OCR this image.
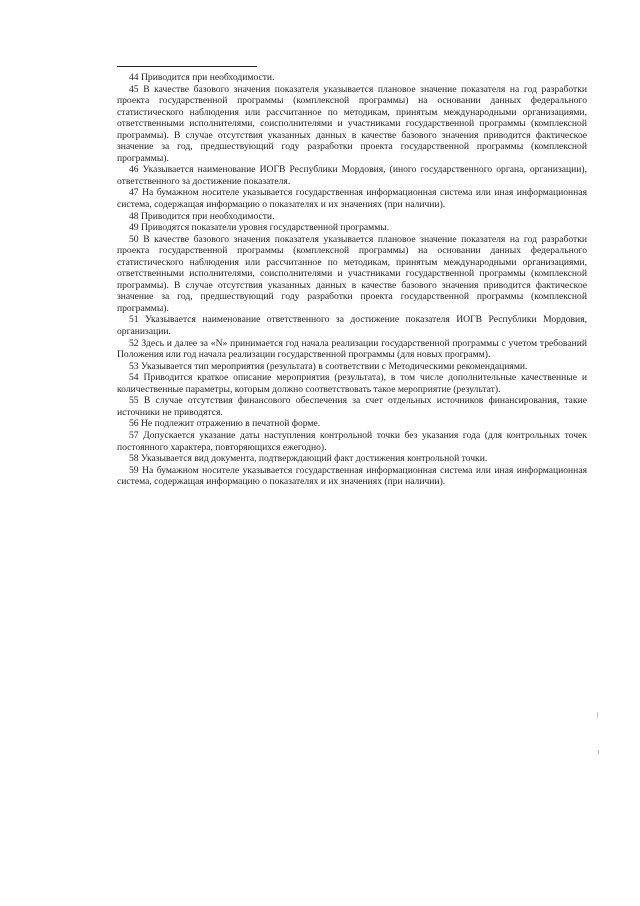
44 Приводится при необходимости.

45 В качестве базового значения показателя указывается плановое значение показателя на год разработки проекта государственной программы (комплексной программы) на основании данных федерального статистического наблюдения или рассчитанное по методикам, принятым международными организациями, ответственными исполнителями, соисполнителями и участниками государственной программы (комплексной программы). В случае отсутствия указанных данных в качестве базового значения приводится фактическое значение за год, предшествующий году разработки проекта государственной программы (комплексной программы).

46 Указывается наименование ИОГВ Республики Мордовия, (иного государственного органа, организации), ответственного за достижение показателя.

47 На бумажном носителе указывается государственная информационная система или иная информационная система, содержащая информацию о показателях и их значениях (при наличии).

48 Приводится при необходимости.

49 Приводятся показатели уровня государственной программы.

50 В качестве базового значения показателя указывается плановое значение показателя на год разработки проекта государственной программы (комплексной программы) на основании данных федерального статистического наблюдения или рассчитанное по методикам, принятым международными организациями, ответственными исполнителями, соисполнителями и участниками государственной программы (комплексной программы). В случае отсутствия указанных данных в качестве базового значения приводится фактическое значение за год, предшествующий году разработки проекта государственной программы (комплексной программы).

51 Указывается наименование ответственного за достижение показателя ИОГВ Республики Мордовия, организации.

52 Здесь и далее за «N» принимается год начала реализации государственной программы с учетом требований Положения или год начала реализации государственной программы (для новых программ).

53 Указывается тип мероприятия (результата) в соответствии с Методическими рекомендациями.

54 Приводится краткое описание мероприятия (результата), в том числе дополнительные качественные и количественные параметры, которым должно соответствовать такое мероприятие (результат).

55 В случае отсутствия финансового обеспечения за счет отдельных источников финансирования, такие источники не приводятся.

56 Не подлежит отражению в печатной форме.

57 Допускается указание даты наступления контрольной точки без указания года (для контрольных точек постоянного характера, повторяющихся ежегодно).

58 Указывается вид документа, подтверждающий факт достижения контрольной точки.

59 На бумажном носителе указывается государственная информационная система или иная информационная система, содержащая информацию о показателях и их значениях (при наличии).
